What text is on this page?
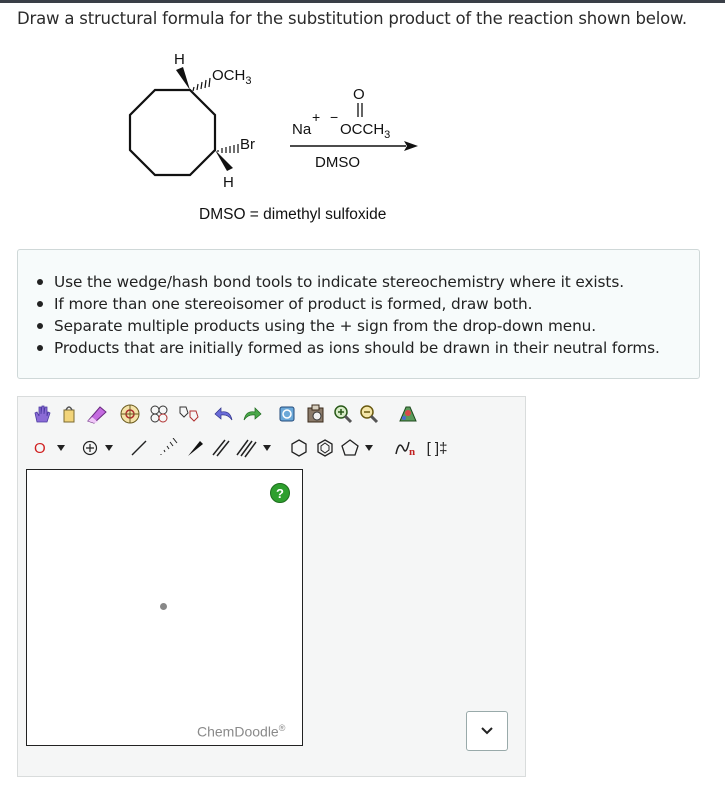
Draw a structural formula for the substitution product of the reaction shown below.
H
$OCH_3$
Br
H
+ −
Na
O
$OCCH_3$
DMSO
DMSO = dimethyl sulfoxide
Use the wedge/hash bond tools to indicate stereochemistry where it exists.
If more than one stereoisomer of product is formed, draw both.
Separate multiple products using the + sign from the drop-down menu.
Products that are initially formed as ions should be drawn in their neutral forms.
O	n [ ]‡
?
ChemDoodle®
